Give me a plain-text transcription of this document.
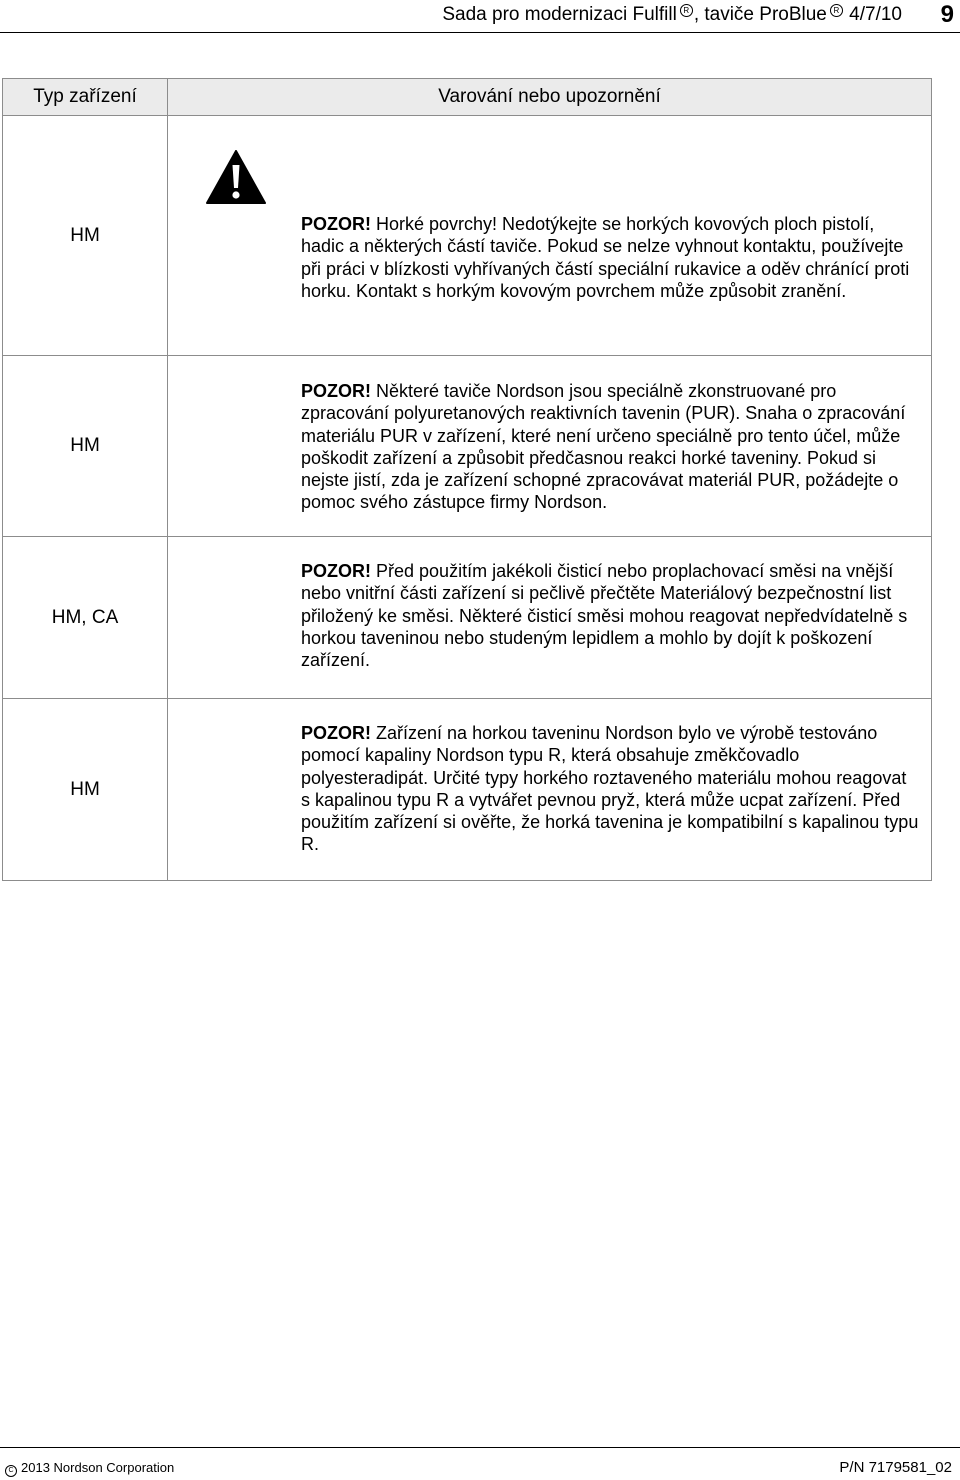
Sada pro modernizaci Fulfill R , taviče ProBlue R 4/7/10 9
Typ zařízení	Varování nebo upozornění
HM	POZOR! Horké povrchy! Nedotýkejte se horkých kovových ploch pistolí, hadic a některých částí taviče. Pokud se nelze vyhnout kontaktu, používejte při práci v blízkosti vyhřívaných částí speciální rukavice a oděv chránící proti horku. Kontakt s horkým kovovým povrchem může způsobit zranění.

HM	POZOR! Některé taviče Nordson jsou speciálně zkonstruované pro zpracování polyuretanových reaktivních tavenin (PUR). Snaha o zpracování materiálu PUR v zařízení, které není určeno speciálně pro tento účel, může poškodit zařízení a způsobit předčasnou reakci horké taveniny. Pokud si nejste jistí, zda je zařízení schopné zpracovávat materiál PUR, požádejte o pomoc svého zástupce firmy Nordson.

HM, CA	POZOR! Před použitím jakékoli čisticí nebo proplachovací směsi na vnější nebo vnitřní části zařízení si pečlivě přečtěte Materiálový bezpečnostní list přiložený ke směsi. Některé čisticí směsi mohou reagovat nepředvídatelně s horkou taveninou nebo studeným lepidlem a mohlo by dojít k poškození zařízení.

HM	POZOR! Zařízení na horkou taveninu Nordson bylo ve výrobě testováno pomocí kapaliny Nordson typu R, která obsahuje změkčovadlo polyesteradipát. Určité typy horkého roztaveného materiálu mohou reagovat s kapalinou typu R a vytvářet pevnou pryž, která může ucpat zařízení. Před použitím zařízení si ověřte, že horká tavenina je kompatibilní s kapalinou typu R.

C 2013 Nordson Corporation	P/N 7179581_02
